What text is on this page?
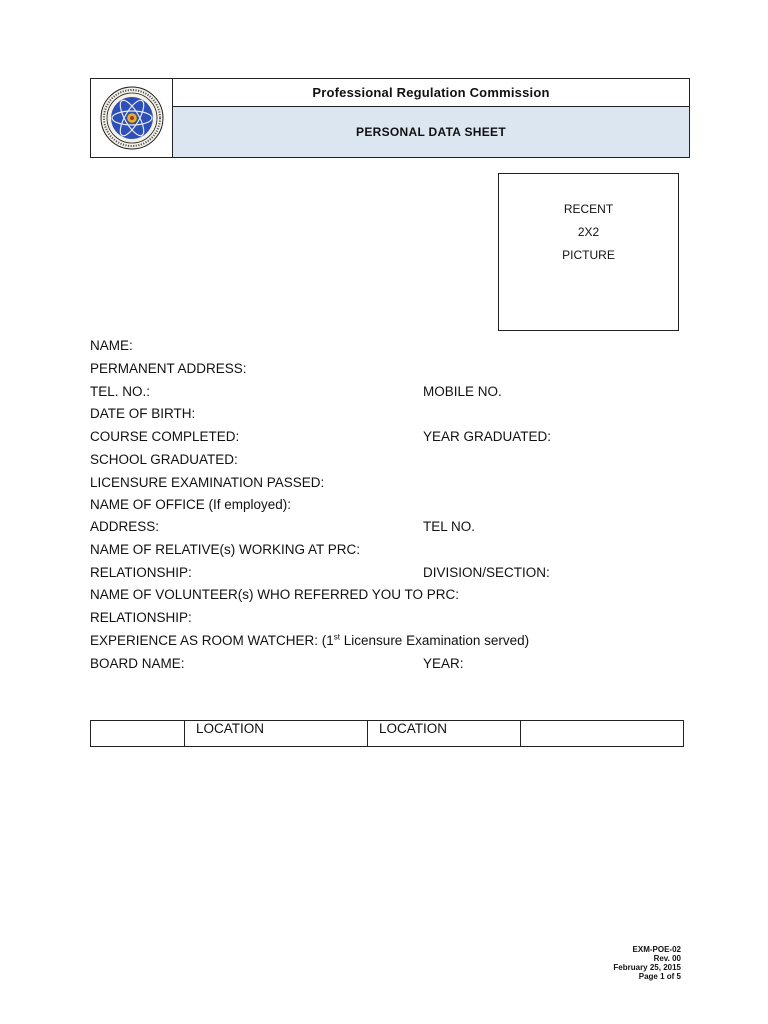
Professional Regulation Commission
PERSONAL DATA SHEET
RECENT
2X2
PICTURE
NAME:
PERMANENT ADDRESS:
TEL. NO.:	MOBILE NO.
DATE OF BIRTH:
COURSE COMPLETED:	YEAR GRADUATED:
SCHOOL GRADUATED:
LICENSURE EXAMINATION PASSED:
NAME OF OFFICE (If employed):
ADDRESS:	TEL NO.
NAME OF RELATIVE(s) WORKING AT PRC:
RELATIONSHIP:	DIVISION/SECTION:
NAME OF VOLUNTEER(s) WHO REFERRED YOU TO PRC:
RELATIONSHIP:
EXPERIENCE AS ROOM WATCHER: (1st Licensure Examination served)
BOARD NAME:	YEAR:
LOCATION	LOCATION
EXM-POE-02
Rev. 00
February 25, 2015
Page 1 of 5
